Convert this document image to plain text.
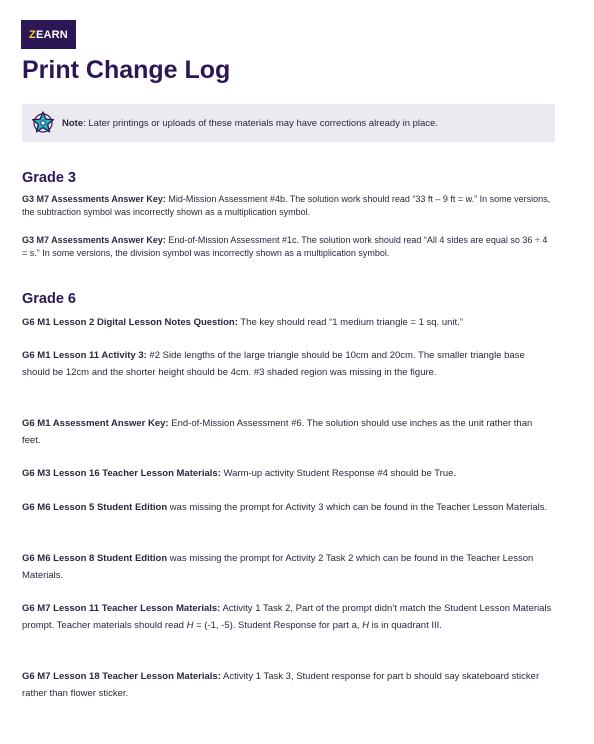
Z EARN
Print Change Log
Note: Later printings or uploads of these materials may have corrections already in place.
Grade 3

G3 M7 Assessments Answer Key: Mid-Mission Assessment #4b. The solution work should read “33 ft – 9 ft = w.” In some versions, the subtraction symbol was incorrectly shown as a multiplication symbol.

G3 M7 Assessments Answer Key: End-of-Mission Assessment #1c. The solution work should read “All 4 sides are equal so 36 ÷ 4 = s.” In some versions, the division symbol was incorrectly shown as a multiplication symbol.

Grade 6

G6 M1 Lesson 2 Digital Lesson Notes Question: The key should read “1 medium triangle = 1 sq. unit.”

G6 M1 Lesson 11 Activity 3: #2 Side lengths of the large triangle should be 10cm and 20cm. The smaller triangle base should be 12cm and the shorter height should be 4cm. #3 shaded region was missing in the figure.

G6 M1 Assessment Answer Key: End-of-Mission Assessment #6. The solution should use inches as the unit rather than feet.

G6 M3 Lesson 16 Teacher Lesson Materials: Warm-up activity Student Response #4 should be True.

G6 M6 Lesson 5 Student Edition was missing the prompt for Activity 3 which can be found in the Teacher Lesson Materials.

G6 M6 Lesson 8 Student Edition was missing the prompt for Activity 2 Task 2 which can be found in the Teacher Lesson Materials.

G6 M7 Lesson 11 Teacher Lesson Materials: Activity 1 Task 2, Part of the prompt didn’t match the Student Lesson Materials prompt. Teacher materials should read H = (-1, -5). Student Response for part a, H is in quadrant III.

G6 M7 Lesson 18 Teacher Lesson Materials: Activity 1 Task 3, Student response for part b should say skateboard sticker rather than flower sticker.
